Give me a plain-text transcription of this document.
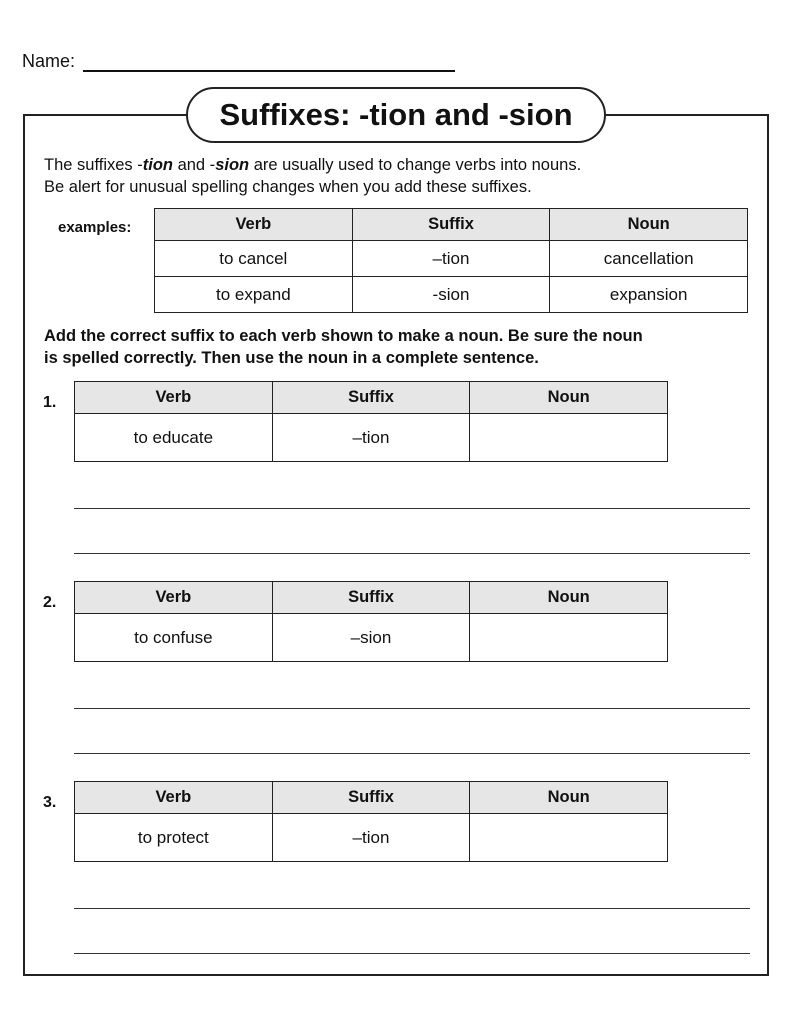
Name:
Suffixes: -tion and -sion
The suffixes -tion and -sion are usually used to change verbs into nouns.
Be alert for unusual spelling changes when you add these suffixes.
examples:	Verb	Suffix	Noun
to cancel	–tion	cancellation
to expand	-sion	expansion
Add the correct suffix to each verb shown to make a noun. Be sure the noun
is spelled correctly. Then use the noun in a complete sentence.
1.	Verb	Suffix	Noun
to educate	–tion	
2.	Verb	Suffix	Noun
to confuse	–sion	
3.	Verb	Suffix	Noun
to protect	–tion	
